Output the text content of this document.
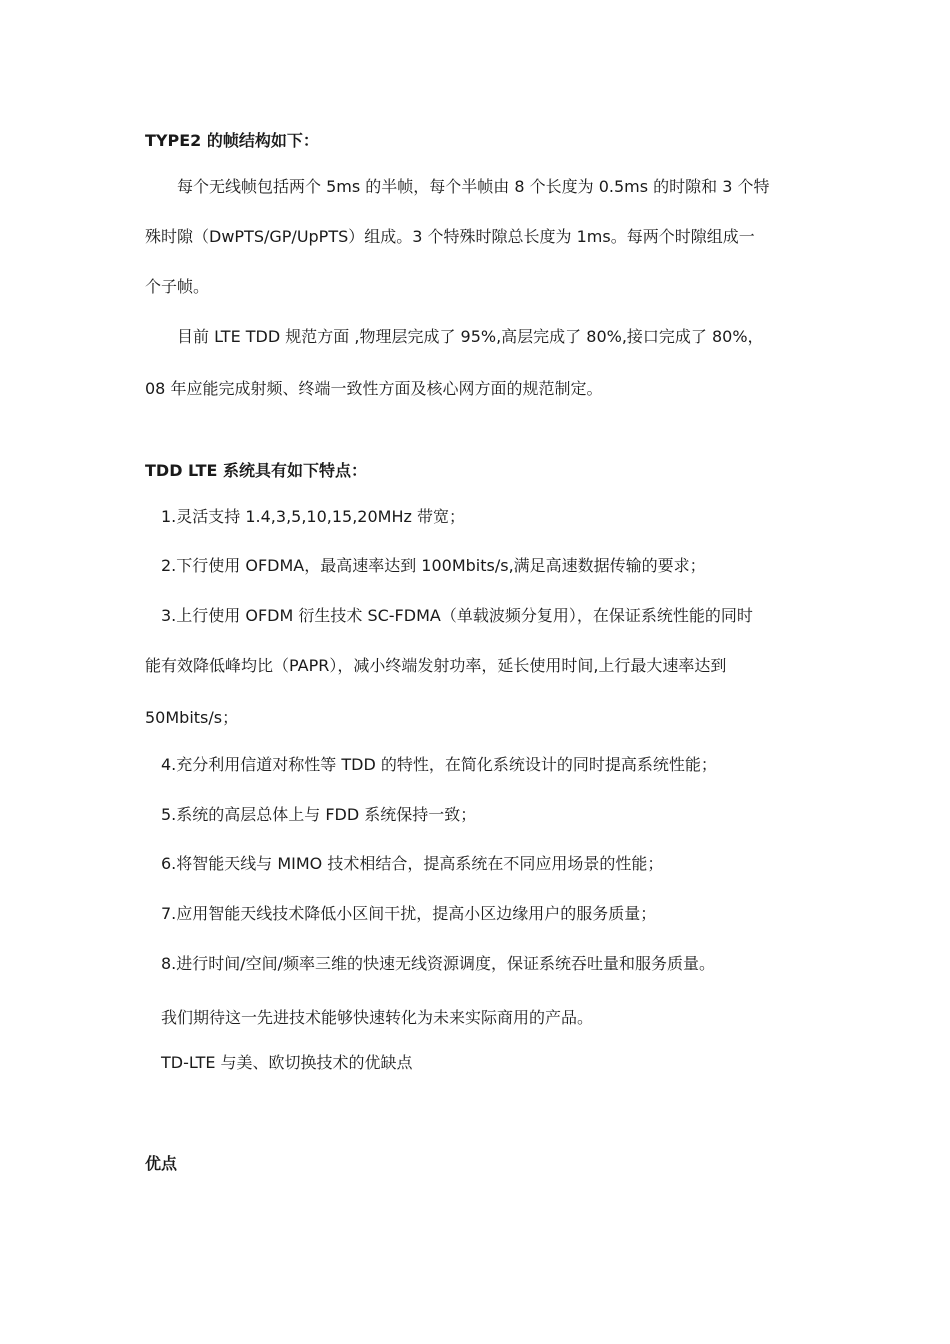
TYPE2 的帧结构如下：
每个无线帧包括两个 5ms 的半帧，每个半帧由 8 个长度为 0.5ms 的时隙和 3 个特
殊时隙（DwPTS/GP/UpPTS）组成。3 个特殊时隙总长度为 1ms。每两个时隙组成一
个子帧。
目前 LTE TDD 规范方面 ,物理层完成了 95%,高层完成了 80%,接口完成了 80%，
08 年应能完成射频、终端一致性方面及核心网方面的规范制定。
TDD LTE 系统具有如下特点：
1.灵活支持 1.4,3,5,10,15,20MHz 带宽；
2.下行使用 OFDMA，最高速率达到 100Mbits/s,满足高速数据传输的要求；
3.上行使用 OFDM 衍生技术 SC-FDMA（单载波频分复用），在保证系统性能的同时
能有效降低峰均比（PAPR），减小终端发射功率，延长使用时间,上行最大速率达到
50Mbits/s；
4.充分利用信道对称性等 TDD 的特性，在简化系统设计的同时提高系统性能；
5.系统的高层总体上与 FDD 系统保持一致；
6.将智能天线与 MIMO 技术相结合，提高系统在不同应用场景的性能；
7.应用智能天线技术降低小区间干扰，提高小区边缘用户的服务质量；
8.进行时间/空间/频率三维的快速无线资源调度，保证系统吞吐量和服务质量。
我们期待这一先进技术能够快速转化为未来实际商用的产品。
TD-LTE 与美、欧切换技术的优缺点
优点
